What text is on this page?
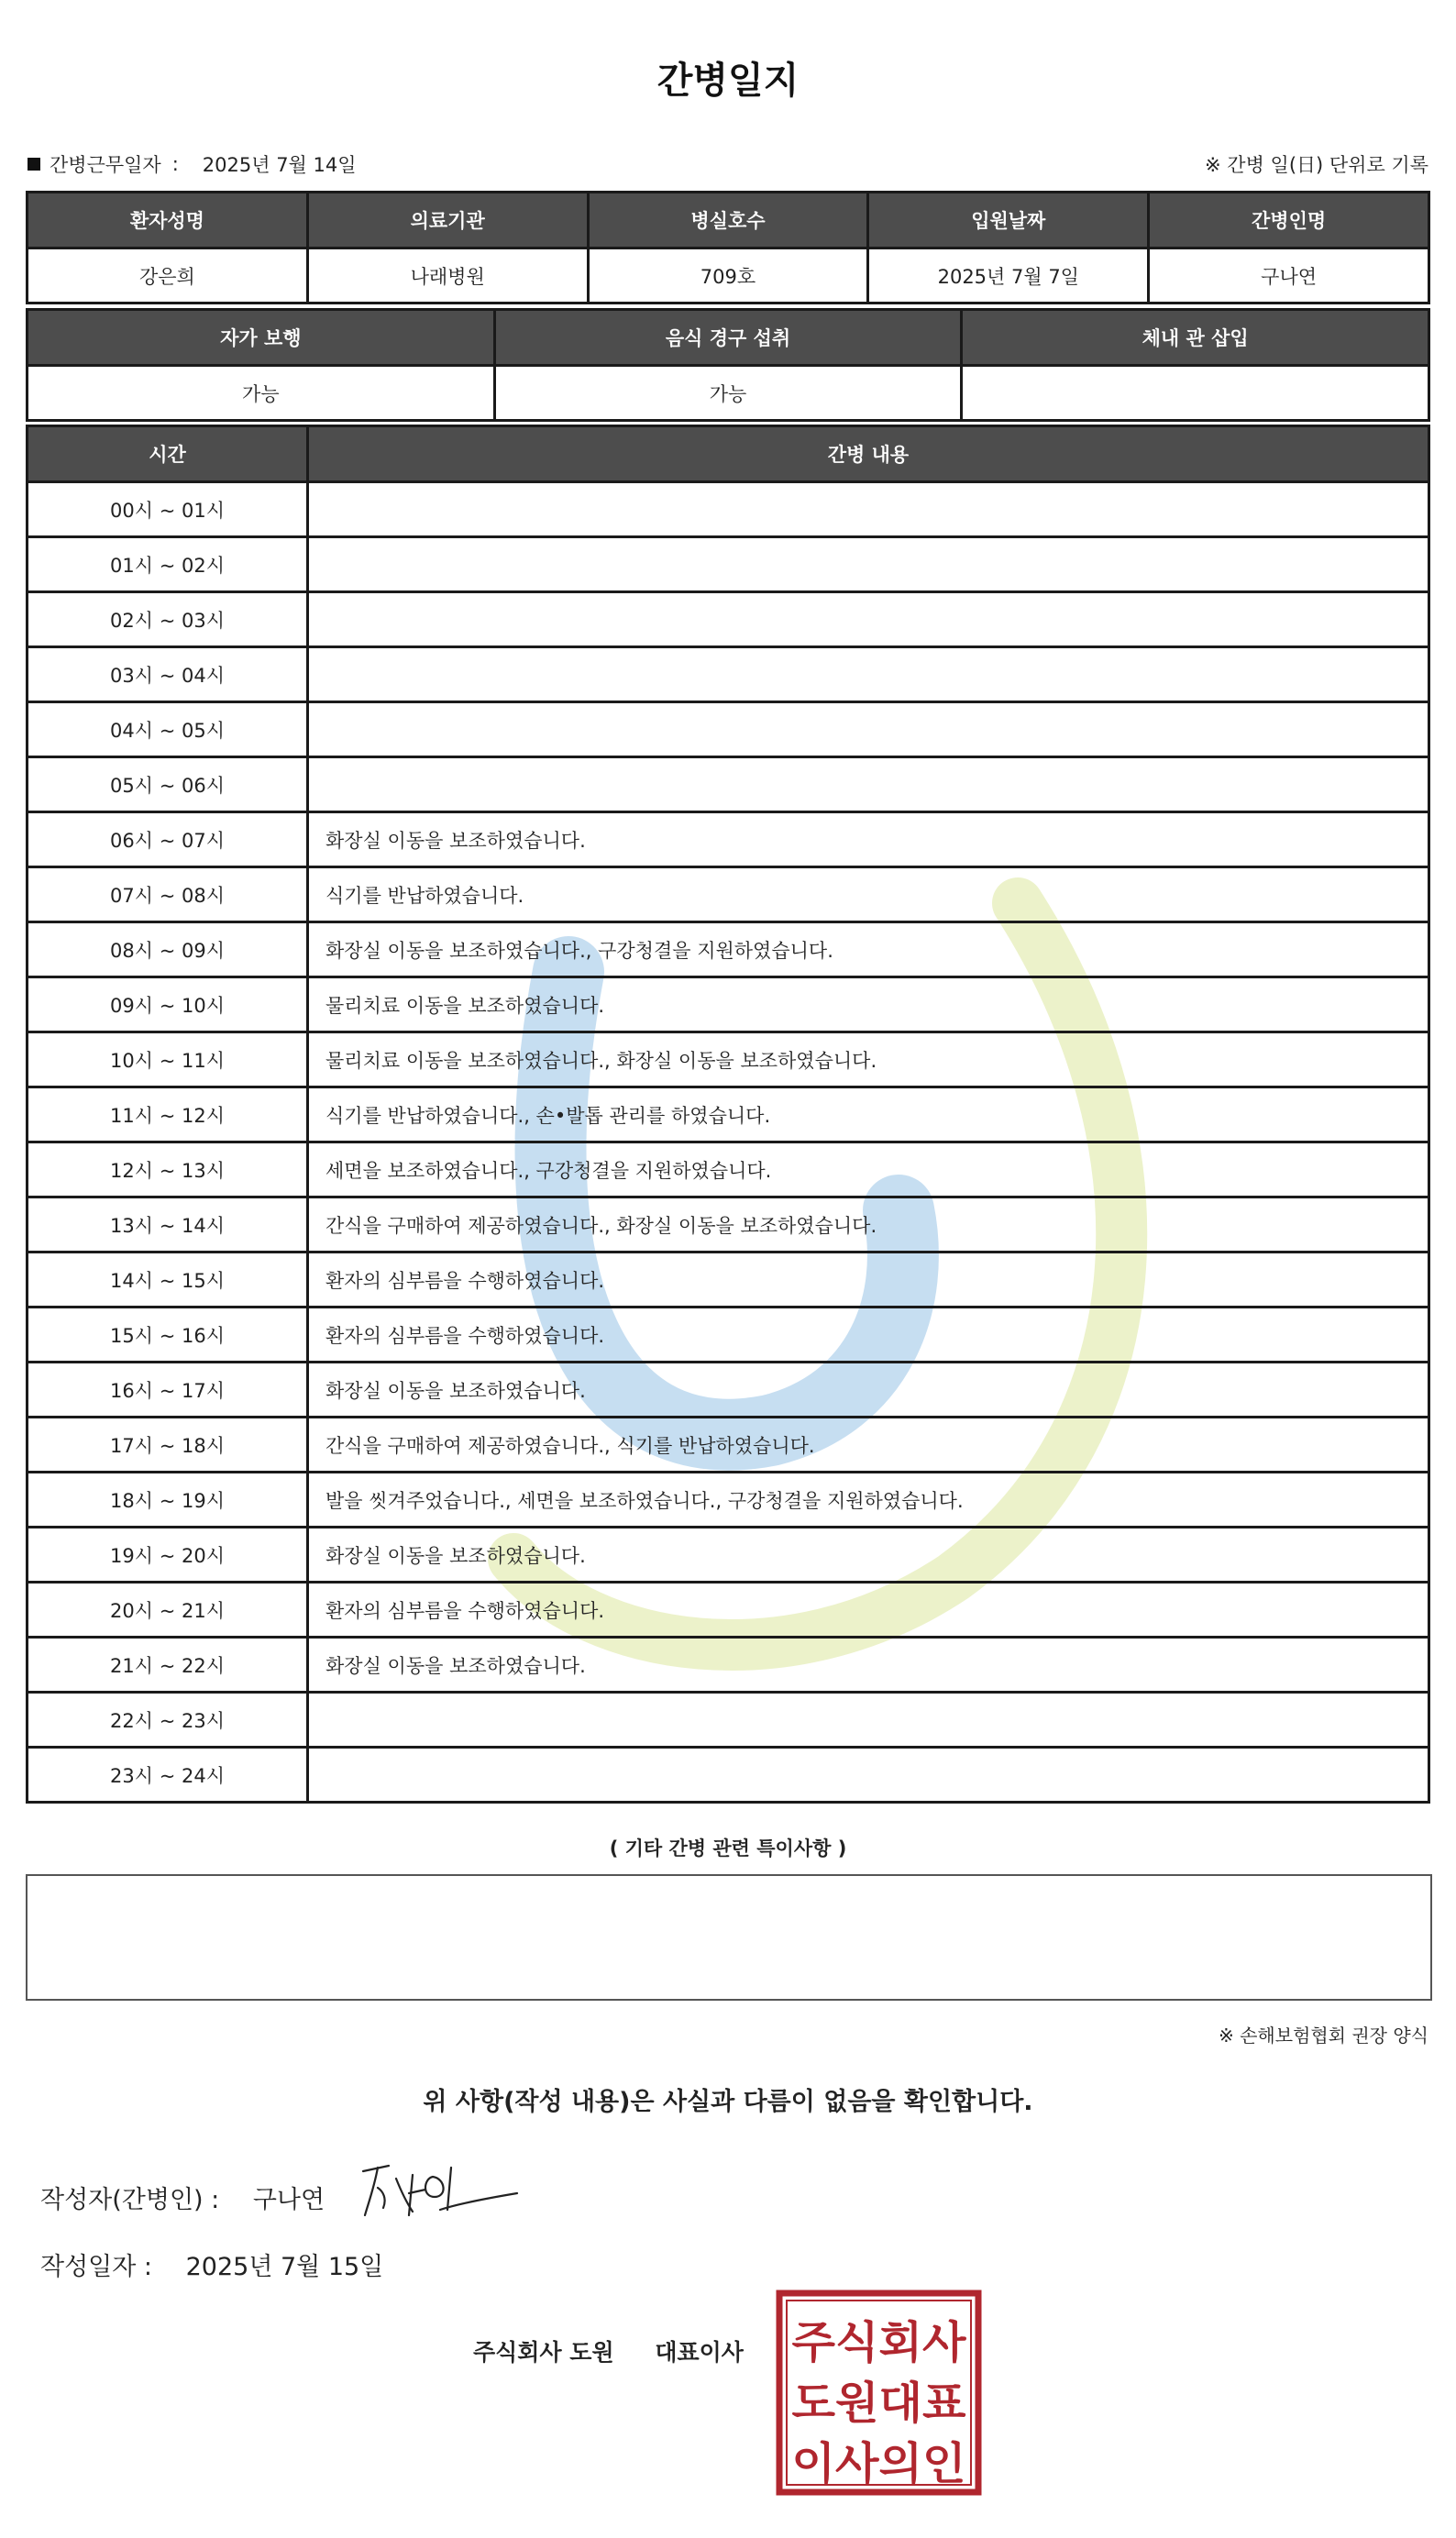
간병일지
간병근무일자 : 2025년 7월 14일	※ 간병 일(日) 단위로 기록
환자성명	의료기관	병실호수	입원날짜	간병인명
강은희	나래병원	709호	2025년 7월 7일	구나연
자가 보행	음식 경구 섭취	체내 관 삽입
가능	가능	
시간	간병 내용
00시 ~ 01시	
01시 ~ 02시	
02시 ~ 03시	
03시 ~ 04시	
04시 ~ 05시	
05시 ~ 06시	
06시 ~ 07시	화장실 이동을 보조하였습니다.
07시 ~ 08시	식기를 반납하였습니다.
08시 ~ 09시	화장실 이동을 보조하였습니다., 구강청결을 지원하였습니다.
09시 ~ 10시	물리치료 이동을 보조하였습니다.
10시 ~ 11시	물리치료 이동을 보조하였습니다., 화장실 이동을 보조하였습니다.
11시 ~ 12시	식기를 반납하였습니다., 손•발톱 관리를 하였습니다.
12시 ~ 13시	세면을 보조하였습니다., 구강청결을 지원하였습니다.
13시 ~ 14시	간식을 구매하여 제공하였습니다., 화장실 이동을 보조하였습니다.
14시 ~ 15시	환자의 심부름을 수행하였습니다.
15시 ~ 16시	환자의 심부름을 수행하였습니다.
16시 ~ 17시	화장실 이동을 보조하였습니다.
17시 ~ 18시	간식을 구매하여 제공하였습니다., 식기를 반납하였습니다.
18시 ~ 19시	발을 씻겨주었습니다., 세면을 보조하였습니다., 구강청결을 지원하였습니다.
19시 ~ 20시	화장실 이동을 보조하였습니다.
20시 ~ 21시	환자의 심부름을 수행하였습니다.
21시 ~ 22시	화장실 이동을 보조하였습니다.
22시 ~ 23시	
23시 ~ 24시	
( 기타 간병 관련 특이사항 )
※ 손해보험협회 권장 양식
위 사항(작성 내용)은 사실과 다름이 없음을 확인합니다.
작성자(간병인) : 구나연
작성일자 : 2025년 7월 15일
주식회사 도원 대표이사 주식회사
도원대표
이사의인
